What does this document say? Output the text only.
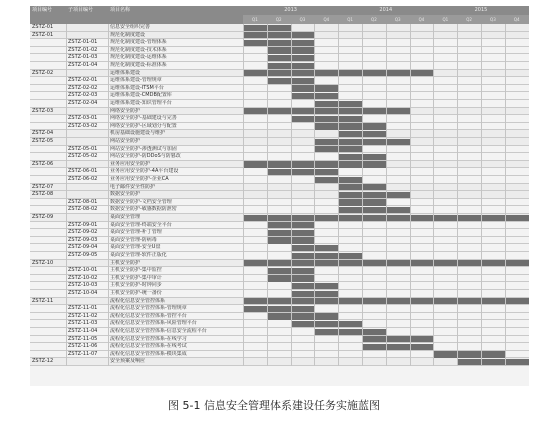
项目编号	子项目编号	项目名称	2013	2014	2015
Q1	Q2	Q3	Q4	Q1	Q2	Q3	Q4	Q1	Q2	Q3	Q4
ZSTZ-01	信息安全组织完善
ZSTZ-01	规范化制度建设
ZSTZ-01-01	规范化制度建设-管理体系
ZSTZ-01-02	规范化制度建设-技术体系
ZSTZ-01-03	规范化制度建设-运维体系
ZSTZ-01-04	规范化制度建设-标准体系
ZSTZ-02	运维体系建设
ZSTZ-02-01	运维体系建设-管理规章
ZSTZ-02-02	运维体系建设-ITSM平台
ZSTZ-02-03	运维体系建设-CMDB配置库
ZSTZ-02-04	运维体系建设-知识管理平台
ZSTZ-03	网络安全防护
ZSTZ-03-01	网络安全防护-基础建设与完善
ZSTZ-03-02	网络安全防护-区域划分与配置
ZSTZ-04	机房基础设施建设与维护
ZSTZ-05	网站安全防护
ZSTZ-05-01	网站安全防护-渗透测试与加固
ZSTZ-05-02	网站安全防护-防DDoS与防篡改
ZSTZ-06	业务应用安全防护
ZSTZ-06-01	业务应用安全防护-4A平台建设
ZSTZ-06-02	业务应用安全防护-企业CA
ZSTZ-07	电子邮件安全性防护
ZSTZ-08	数据安全防护
ZSTZ-08-01	数据安全防护-文档安全管理
ZSTZ-08-02	数据安全防护-敏感数据防泄密
ZSTZ-09	桌面安全管理
ZSTZ-09-01	桌面安全管理-终端安全平台
ZSTZ-09-02	桌面安全管理-补丁管理
ZSTZ-09-03	桌面安全管理-防病毒
ZSTZ-09-04	桌面安全管理-安全U盘
ZSTZ-09-05	桌面安全管理-软件正版化
ZSTZ-10	主机安全防护
ZSTZ-10-01	主机安全防护-集中监控
ZSTZ-10-02	主机安全防护-集中审计
ZSTZ-10-03	主机安全防护-时钟同步
ZSTZ-10-04	主机安全防护-统一备份
ZSTZ-11	流程化信息安全管控体系
ZSTZ-11-01	流程化信息安全管控体系-管理规章
ZSTZ-11-02	流程化信息安全管控体系-管控平台
ZSTZ-11-03	流程化信息安全管控体系-风险管理平台
ZSTZ-11-04	流程化信息安全管控体系-信息安全流程平台
ZSTZ-11-05	流程化信息安全管控体系-在线学习
ZSTZ-11-06	流程化信息安全管控体系-在线考试
ZSTZ-11-07	流程化信息安全管控体系-模块集成
ZSTZ-12	安全预案及响应
图 5-1 信息安全管理体系建设任务实施蓝图
